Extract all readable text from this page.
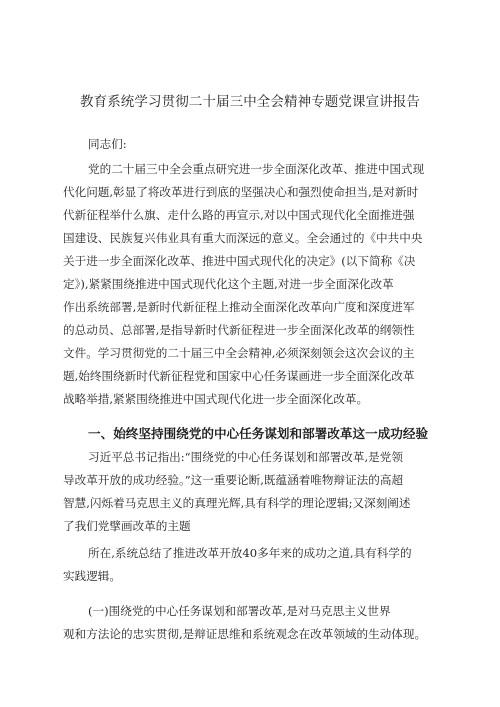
教育系统学习贯彻二十届三中全会精神专题党课宣讲报告
同志们:
党的二十届三中全会重点研究进一步全面深化改革、推进中国式现
代化问题,彰显了将改革进行到底的坚强决心和强烈使命担当,是对新时
代新征程举什么旗、走什么路的再宣示,对以中国式现代化全面推进强
国建设、民族复兴伟业具有重大而深远的意义。全会通过的《中共中央
关于进一步全面深化改革、推进中国式现代化的决定》(以下简称《决
定》),紧紧围绕推进中国式现代化这个主题,对进一步全面深化改革
作出系统部署,是新时代新征程上推动全面深化改革向广度和深度进军
的总动员、总部署,是指导新时代新征程进一步全面深化改革的纲领性
文件。学习贯彻党的二十届三中全会精神,必须深刻领会这次会议的主
题,始终围绕新时代新征程党和国家中心任务谋画进一步全面深化改革
战略举措,紧紧围绕推进中国式现代化进一步全面深化改革。
一、始终坚持围绕党的中心任务谋划和部署改革这一成功经验
习近平总书记指出:“围绕党的中心任务谋划和部署改革,是党领
导改革开放的成功经验。”这一重要论断,既蕴涵着唯物辩证法的高超
智慧,闪烁着马克思主义的真理光辉,具有科学的理论逻辑;又深刻阐述
了我们党擘画改革的主题
所在,系统总结了推进改革开放40多年来的成功之道,具有科学的
实践逻辑。
(一)围绕党的中心任务谋划和部署改革,是对马克思主义世界
观和方法论的忠实贯彻,是辩证思维和系统观念在改革领域的生动体现。
